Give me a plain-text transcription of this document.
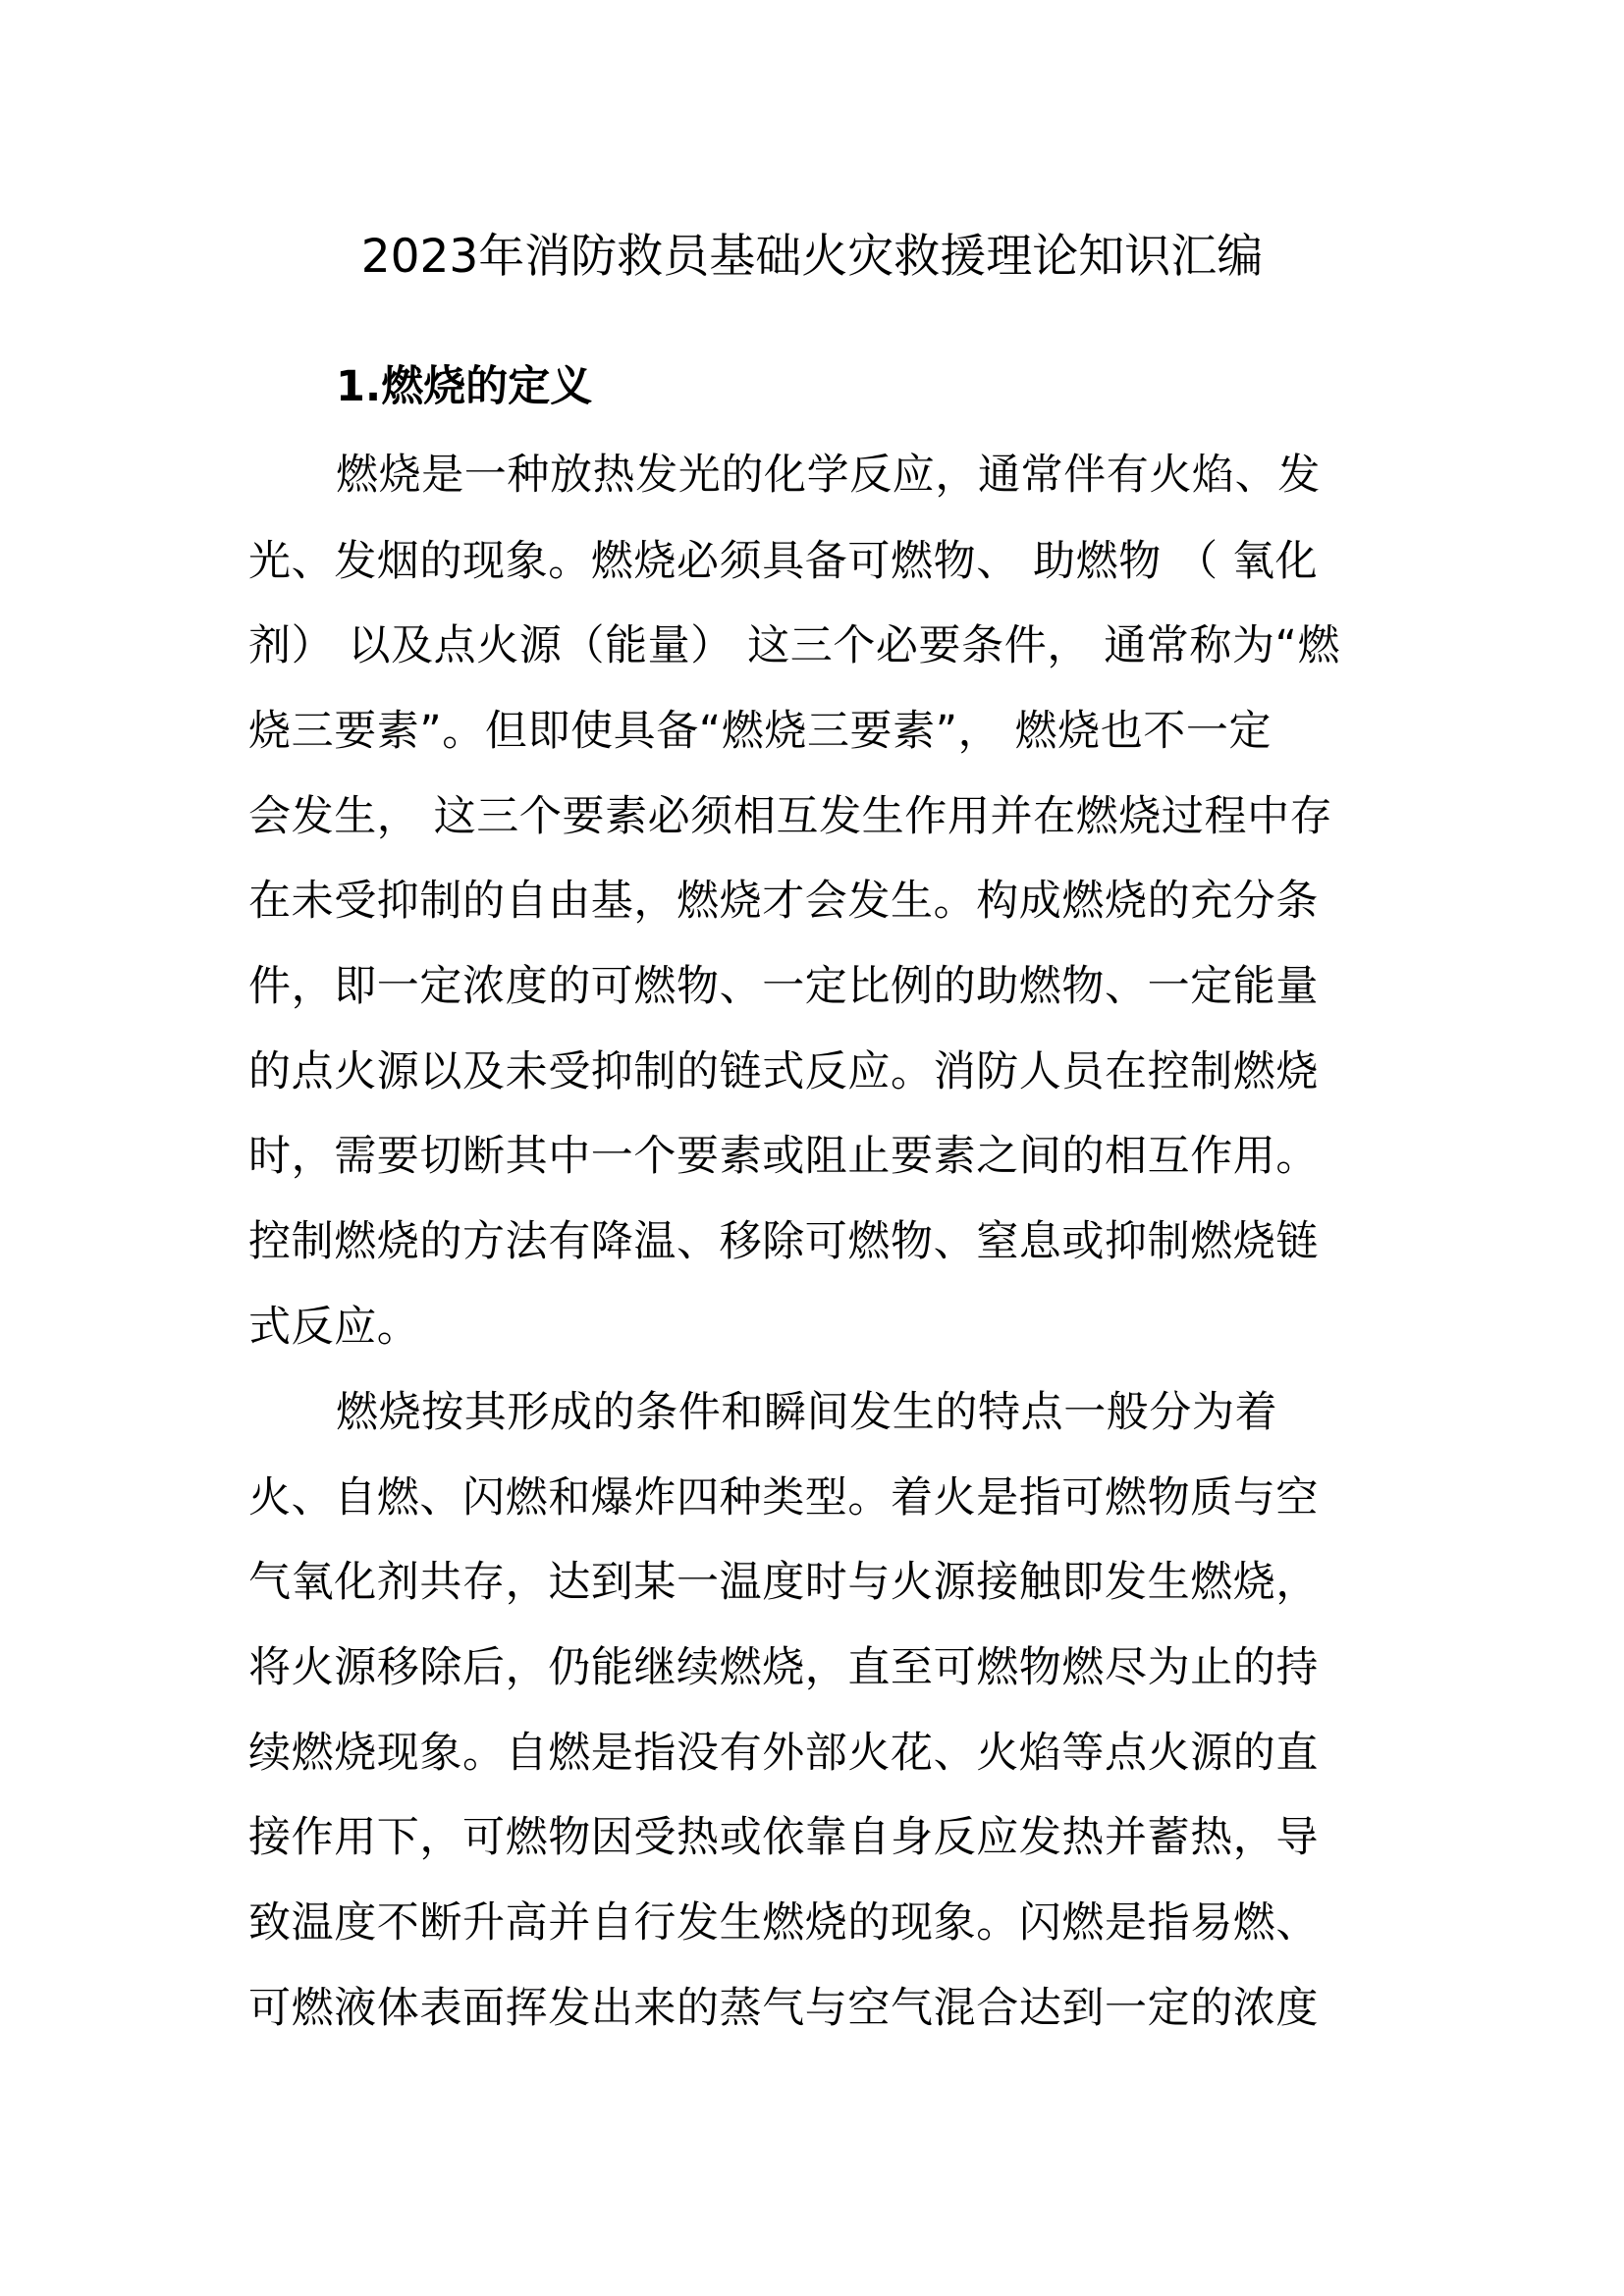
2023年消防救员基础火灾救援理论知识汇编
1.燃烧的定义
燃烧是一种放热发光的化学反应，通常伴有火焰、发
光、发烟的现象。燃烧必须具备可燃物、 助燃物 （ 氧化
剂） 以及点火源（能量） 这三个必要条件， 通常称为“燃
烧三要素”。但即使具备“燃烧三要素”， 燃烧也不一定
会发生， 这三个要素必须相互发生作用并在燃烧过程中存
在未受抑制的自由基，燃烧才会发生。构成燃烧的充分条
件，即一定浓度的可燃物、一定比例的助燃物、一定能量
的点火源以及未受抑制的链式反应。消防人员在控制燃烧
时，需要切断其中一个要素或阻止要素之间的相互作用。
控制燃烧的方法有降温、移除可燃物、窒息或抑制燃烧链
式反应。
燃烧按其形成的条件和瞬间发生的特点一般分为着
火、自燃、闪燃和爆炸四种类型。着火是指可燃物质与空
气氧化剂共存，达到某一温度时与火源接触即发生燃烧，
将火源移除后，仍能继续燃烧，直至可燃物燃尽为止的持
续燃烧现象。自燃是指没有外部火花、火焰等点火源的直
接作用下，可燃物因受热或依靠自身反应发热并蓄热，导
致温度不断升高并自行发生燃烧的现象。闪燃是指易燃、
可燃液体表面挥发出来的蒸气与空气混合达到一定的浓度
